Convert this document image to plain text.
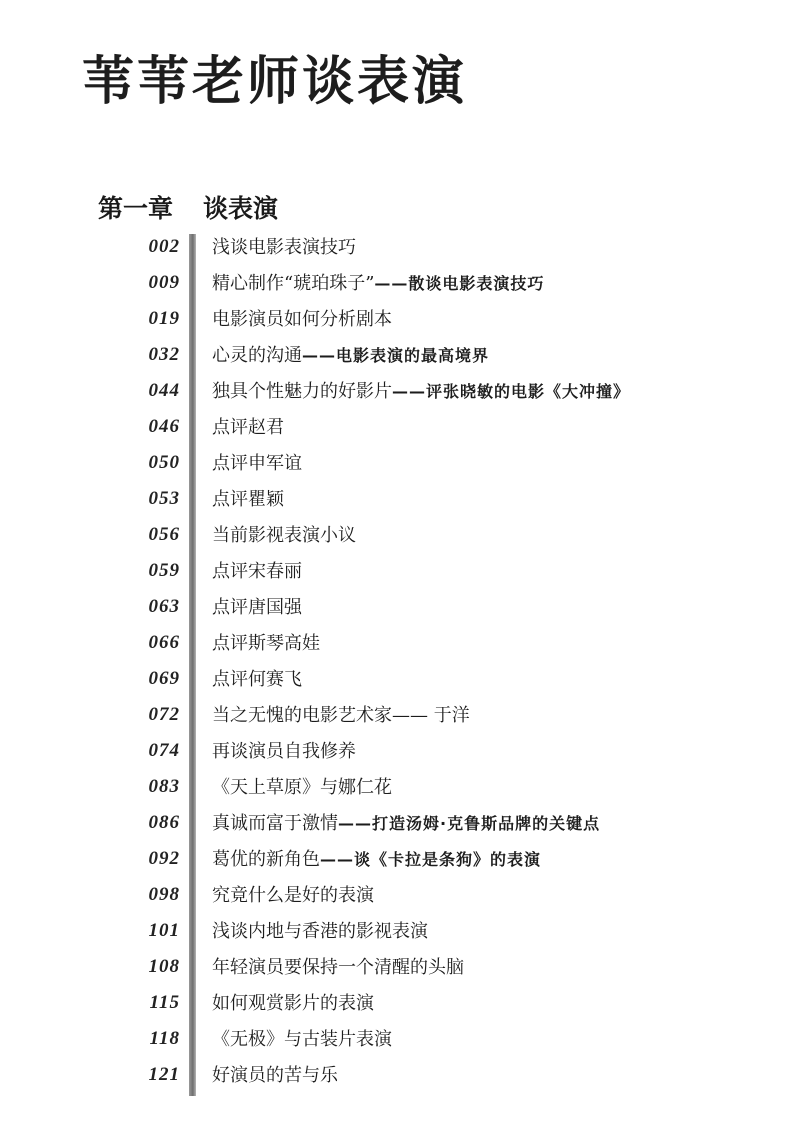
苇苇老师谈表演
第一章 谈表演
002 浅谈电影表演技巧
009 精心制作“琥珀珠子”——散谈电影表演技巧
019 电影演员如何分析剧本
032 心灵的沟通——电影表演的最高境界
044 独具个性魅力的好影片——评张晓敏的电影《大冲撞》
046 点评赵君
050 点评申军谊
053 点评瞿颖
056 当前影视表演小议
059 点评宋春丽
063 点评唐国强
066 点评斯琴高娃
069 点评何赛飞
072 当之无愧的电影艺术家—— 于洋
074 再谈演员自我修养
083 《天上草原》与娜仁花
086 真诚而富于激情——打造汤姆·克鲁斯品牌的关键点
092 葛优的新角色——谈《卡拉是条狗》的表演
098 究竟什么是好的表演
101 浅谈内地与香港的影视表演
108 年轻演员要保持一个清醒的头脑
115 如何观赏影片的表演
118 《无极》与古装片表演
121 好演员的苦与乐
